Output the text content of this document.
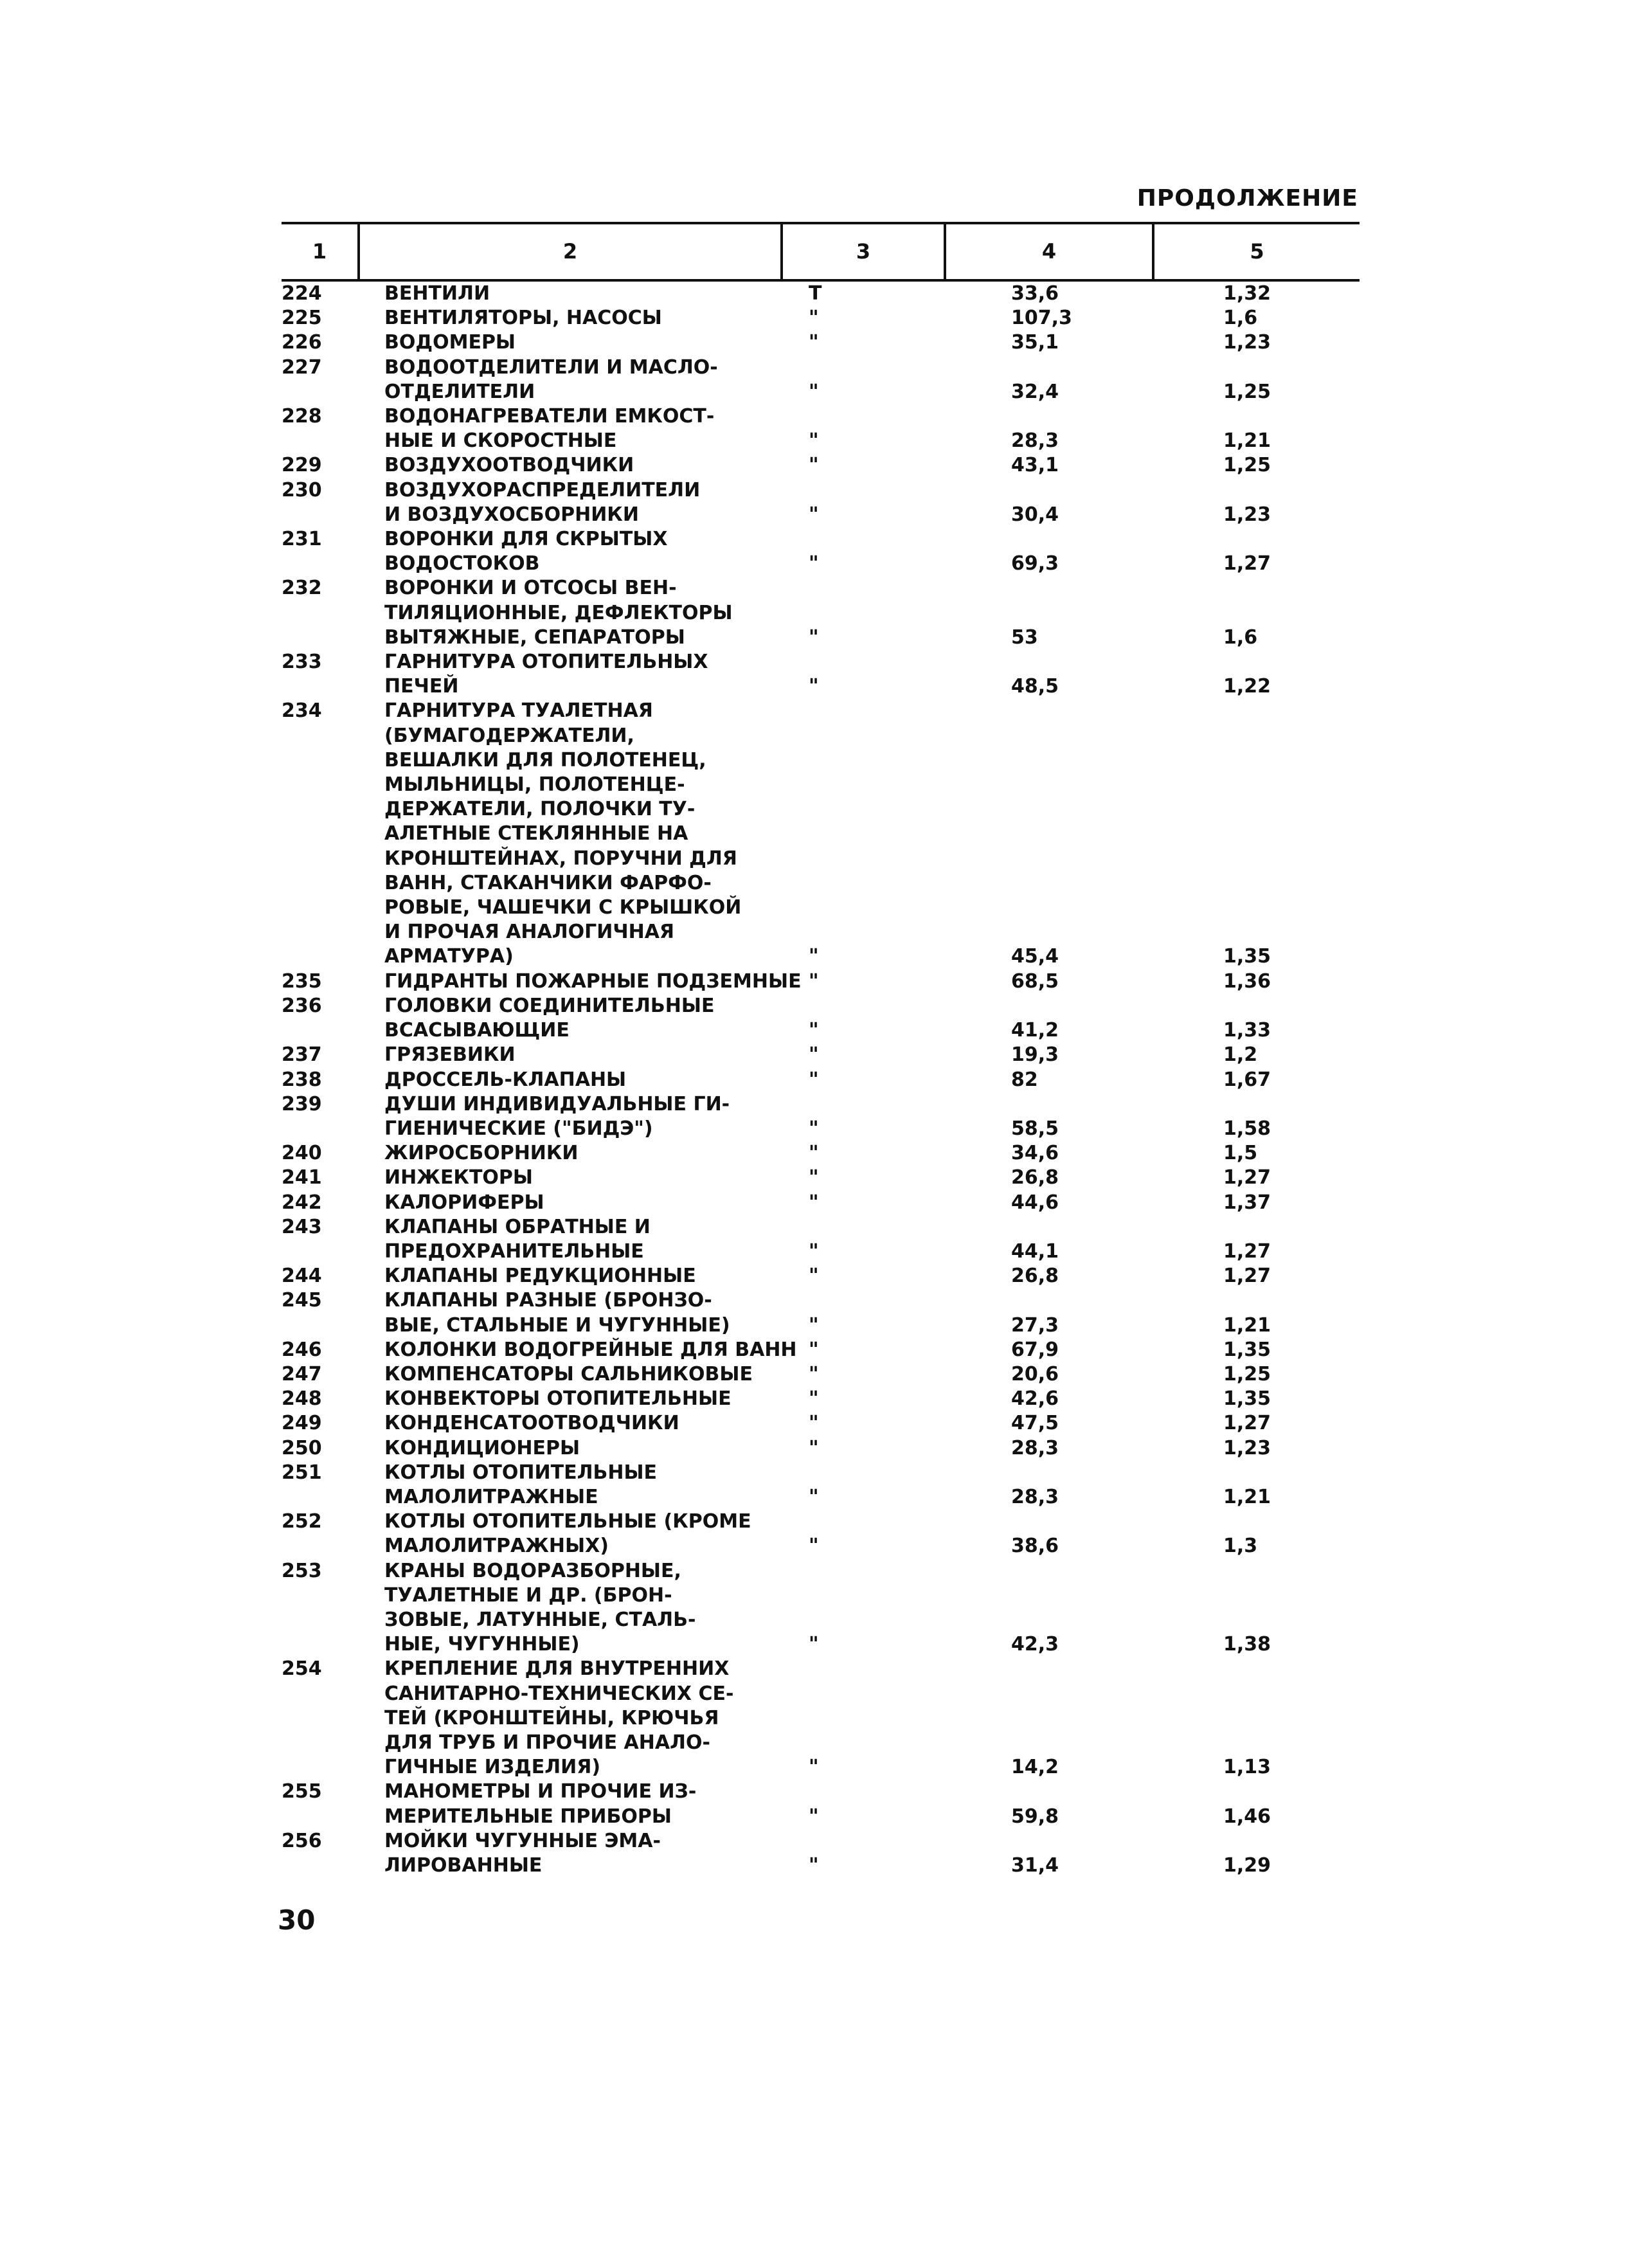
ПРОДОЛЖЕНИЕ
1	2	3	4	5
224	ВЕНТИЛИ	Т	33,6	1,32
225	ВЕНТИЛЯТОРЫ, НАСОСЫ	"	107,3	1,6
226	ВОДОМЕРЫ	"	35,1	1,23
227	ВОДООТДЕЛИТЕЛИ И МАСЛО-
ОТДЕЛИТЕЛИ	"	32,4	1,25
228	ВОДОНАГРЕВАТЕЛИ ЕМКОСТ-
НЫЕ И СКОРОСТНЫЕ	"	28,3	1,21
229	ВОЗДУХООТВОДЧИКИ	"	43,1	1,25
230	ВОЗДУХОРАСПРЕДЕЛИТЕЛИ
И ВОЗДУХОСБОРНИКИ	"	30,4	1,23
231	ВОРОНКИ ДЛЯ СКРЫТЫХ
ВОДОСТОКОВ	"	69,3	1,27
232	ВОРОНКИ И ОТСОСЫ ВЕН-
ТИЛЯЦИОННЫЕ, ДЕФЛЕКТОРЫ
ВЫТЯЖНЫЕ, СЕПАРАТОРЫ	"	53	1,6
233	ГАРНИТУРА ОТОПИТЕЛЬНЫХ
ПЕЧЕЙ	"	48,5	1,22
234	ГАРНИТУРА ТУАЛЕТНАЯ
(БУМАГОДЕРЖАТЕЛИ,
ВЕШАЛКИ ДЛЯ ПОЛОТЕНЕЦ,
МЫЛЬНИЦЫ, ПОЛОТЕНЦЕ-
ДЕРЖАТЕЛИ, ПОЛОЧКИ ТУ-
АЛЕТНЫЕ СТЕКЛЯННЫЕ НА
КРОНШТЕЙНАХ, ПОРУЧНИ ДЛЯ
ВАНН, СТАКАНЧИКИ ФАРФО-
РОВЫЕ, ЧАШЕЧКИ С КРЫШКОЙ
И ПРОЧАЯ АНАЛОГИЧНАЯ
АРМАТУРА)	"	45,4	1,35
235	ГИДРАНТЫ ПОЖАРНЫЕ ПОДЗЕМНЫЕ "	68,5	1,36
236	ГОЛОВКИ СОЕДИНИТЕЛЬНЫЕ
ВСАСЫВАЮЩИЕ	"	41,2	1,33
237	ГРЯЗЕВИКИ	"	19,3	1,2
238	ДРОССЕЛЬ-КЛАПАНЫ	"	82	1,67
239	ДУШИ ИНДИВИДУАЛЬНЫЕ ГИ-
ГИЕНИЧЕСКИЕ ("БИДЭ")	"	58,5	1,58
240	ЖИРОСБОРНИКИ	"	34,6	1,5
241	ИНЖЕКТОРЫ	"	26,8	1,27
242	КАЛОРИФЕРЫ	"	44,6	1,37
243	КЛАПАНЫ ОБРАТНЫЕ И
ПРЕДОХРАНИТЕЛЬНЫЕ	"	44,1	1,27
244	КЛАПАНЫ РЕДУКЦИОННЫЕ	"	26,8	1,27
245	КЛАПАНЫ РАЗНЫЕ (БРОНЗО-
ВЫЕ, СТАЛЬНЫЕ И ЧУГУННЫЕ)	"	27,3	1,21
246	КОЛОНКИ ВОДОГРЕЙНЫЕ ДЛЯ ВАНН "	67,9	1,35
247	КОМПЕНСАТОРЫ САЛЬНИКОВЫЕ	"	20,6	1,25
248	КОНВЕКТОРЫ ОТОПИТЕЛЬНЫЕ	"	42,6	1,35
249	КОНДЕНСАТООТВОДЧИКИ	"	47,5	1,27
250	КОНДИЦИОНЕРЫ	"	28,3	1,23
251	КОТЛЫ ОТОПИТЕЛЬНЫЕ
МАЛОЛИТРАЖНЫЕ	"	28,3	1,21
252	КОТЛЫ ОТОПИТЕЛЬНЫЕ (КРОМЕ
МАЛОЛИТРАЖНЫХ)	"	38,6	1,3
253	КРАНЫ ВОДОРАЗБОРНЫЕ,
ТУАЛЕТНЫЕ И ДР. (БРОН-
ЗОВЫЕ, ЛАТУННЫЕ, СТАЛЬ-
НЫЕ, ЧУГУННЫЕ)	"	42,3	1,38
254	КРЕПЛЕНИЕ ДЛЯ ВНУТРЕННИХ
САНИТАРНО-ТЕХНИЧЕСКИХ СЕ-
ТЕЙ (КРОНШТЕЙНЫ, КРЮЧЬЯ
ДЛЯ ТРУБ И ПРОЧИЕ АНАЛО-
ГИЧНЫЕ ИЗДЕЛИЯ)	"	14,2	1,13
255	МАНОМЕТРЫ И ПРОЧИЕ ИЗ-
МЕРИТЕЛЬНЫЕ ПРИБОРЫ	"	59,8	1,46
256	МОЙКИ ЧУГУННЫЕ ЭМА-
ЛИРОВАННЫЕ	"	31,4	1,29
30
